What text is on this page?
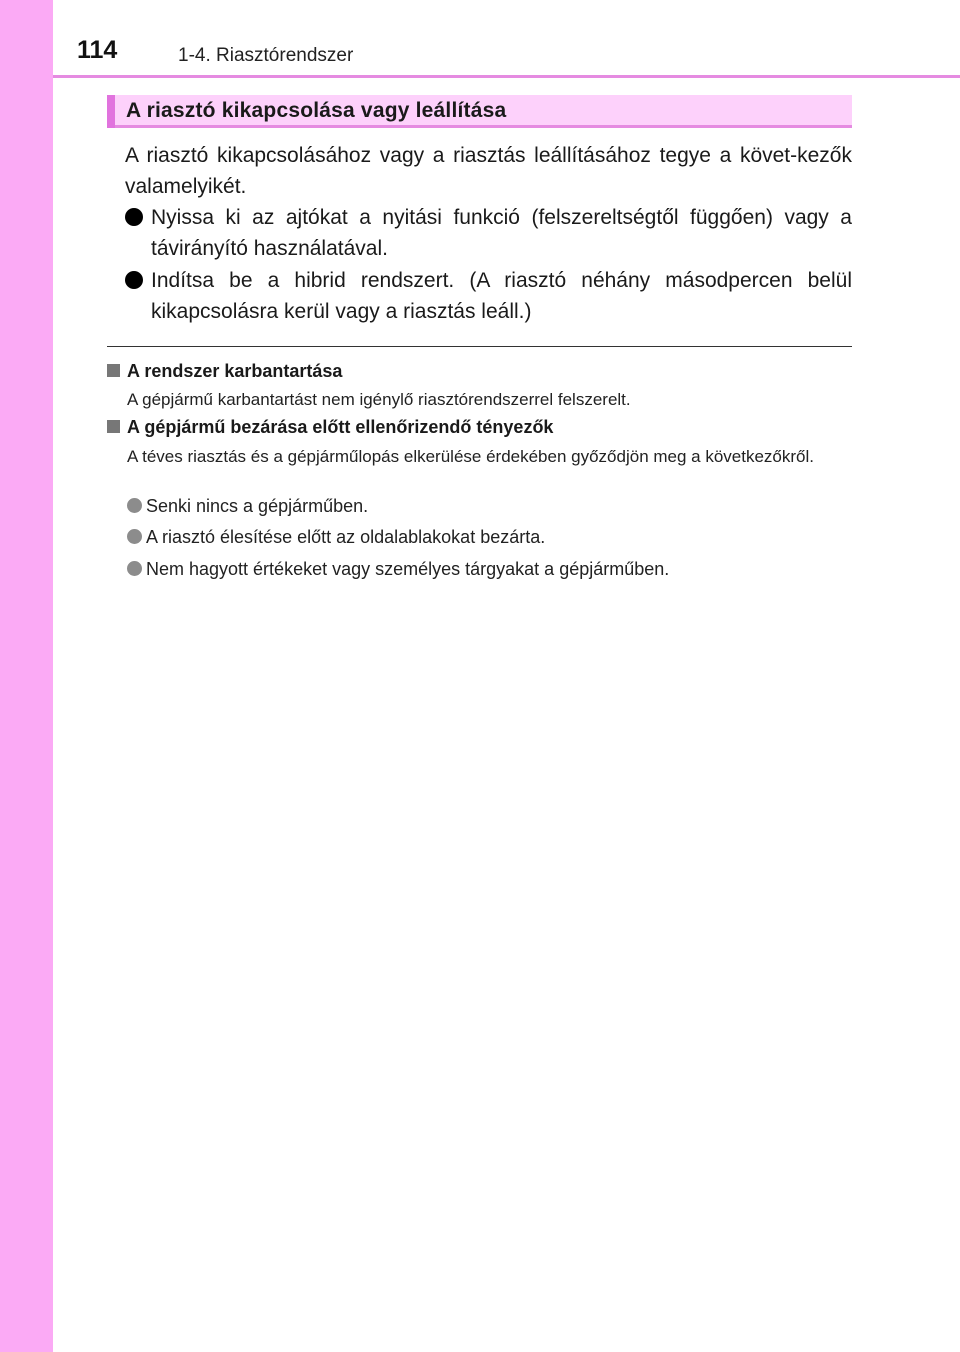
114	1-4. Riasztórendszer
A riasztó kikapcsolása vagy leállítása
A riasztó kikapcsolásához vagy a riasztás leállításához tegye a követ-kezők valamelyikét.
Nyissa ki az ajtókat a nyitási funkció (felszereltségtől függően) vagy a távirányító használatával.
Indítsa be a hibrid rendszert. (A riasztó néhány másodpercen belül kikapcsolásra kerül vagy a riasztás leáll.)
A rendszer karbantartása
A gépjármű karbantartást nem igénylő riasztórendszerrel felszerelt.
A gépjármű bezárása előtt ellenőrizendő tényezők
A téves riasztás és a gépjárműlopás elkerülése érdekében győződjön meg a következőkről.
Senki nincs a gépjárműben.
A riasztó élesítése előtt az oldalablakokat bezárta.
Nem hagyott értékeket vagy személyes tárgyakat a gépjárműben.
